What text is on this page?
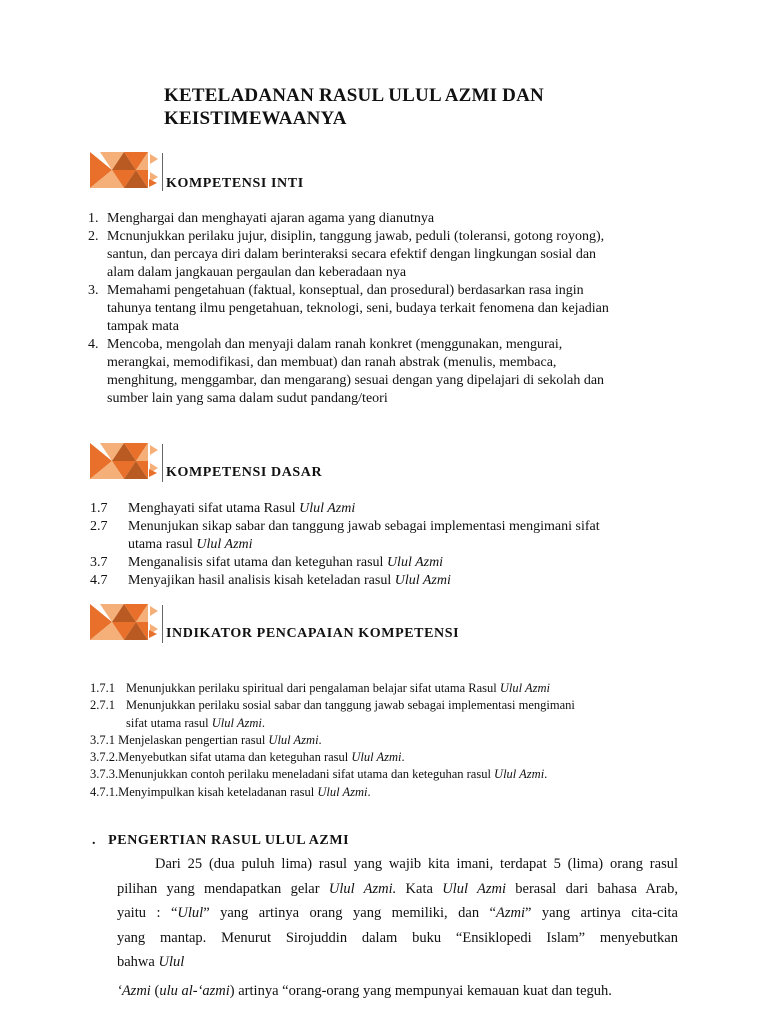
KETELADANAN RASUL ULUL AZMI DAN
KEISTIMEWAANYA
KOMPETENSI INTI
1. Menghargai dan menghayati ajaran agama yang dianutnya
2. Mcnunjukkan perilaku jujur, disiplin, tanggung jawab, peduli (toleransi, gotong royong),
santun, dan percaya diri dalam berinteraksi secara efektif dengan lingkungan sosial dan
alam dalam jangkauan pergaulan dan keberadaan nya
3. Memahami pengetahuan (faktual, konseptual, dan prosedural) berdasarkan rasa ingin
tahunya tentang ilmu pengetahuan, teknologi, seni, budaya terkait fenomena dan kejadian
tampak mata
4. Mencoba, mengolah dan menyaji dalam ranah konkret (menggunakan, mengurai,
merangkai, memodifikasi, dan membuat) dan ranah abstrak (menulis, membaca,
menghitung, menggambar, dan mengarang) sesuai dengan yang dipelajari di sekolah dan
sumber lain yang sama dalam sudut pandang/teori
KOMPETENSI DASAR
1.7	Menghayati sifat utama Rasul Ulul Azmi
2.7	Menunjukan sikap sabar dan tanggung jawab sebagai implementasi mengimani sifat
utama rasul Ulul Azmi
3.7	Menganalisis sifat utama dan keteguhan rasul Ulul Azmi
4.7	Menyajikan hasil analisis kisah keteladan rasul Ulul Azmi
INDIKATOR PENCAPAIAN KOMPETENSI
1.7.1 Menunjukkan perilaku spiritual dari pengalaman belajar sifat utama Rasul Ulul Azmi
2.7.1 Menunjukkan perilaku sosial sabar dan tanggung jawab sebagai implementasi mengimani
sifat utama rasul Ulul Azmi.
3.7.1 Menjelaskan pengertian rasul Ulul Azmi.
3.7.2.Menyebutkan sifat utama dan keteguhan rasul Ulul Azmi.
3.7.3.Menunjukkan contoh perilaku meneladani sifat utama dan keteguhan rasul Ulul Azmi.
4.7.1.Menyimpulkan kisah keteladanan rasul Ulul Azmi.
. PENGERTIAN RASUL ULUL AZMI
Dari 25 (dua puluh lima) rasul yang wajib kita imani, terdapat 5 (lima) orang rasul
pilihan yang mendapatkan gelar Ulul Azmi. Kata Ulul Azmi berasal dari bahasa Arab,
yaitu : “Ulul” yang artinya orang yang memiliki, dan “Azmi” yang artinya cita-cita
yang mantap. Menurut Sirojuddin dalam buku “Ensiklopedi Islam” menyebutkan
bahwa Ulul
‘Azmi (ulu al-‘azmi) artinya “orang-orang yang mempunyai kemauan kuat dan teguh.
